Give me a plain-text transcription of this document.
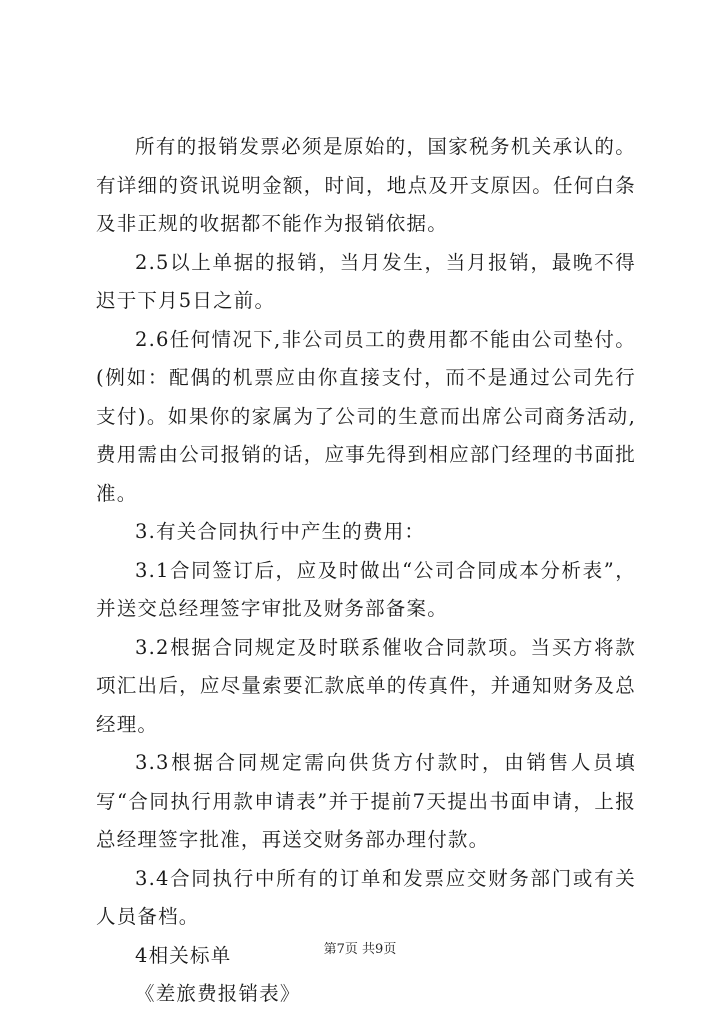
所有的报销发票必须是原始的，国家税务机关承认的。有详细的资讯说明金额，时间，地点及开支原因。任何白条及非正规的收据都不能作为报销依据。

2.5以上单据的报销，当月发生，当月报销，最晚不得迟于下月5日之前。

2.6任何情况下,非公司员工的费用都不能由公司垫付。(例如：配偶的机票应由你直接支付，而不是通过公司先行支付)。如果你的家属为了公司的生意而出席公司商务活动,费用需由公司报销的话，应事先得到相应部门经理的书面批准。

3.有关合同执行中产生的费用：

3.1合同签订后，应及时做出“公司合同成本分析表”，并送交总经理签字审批及财务部备案。

3.2根据合同规定及时联系催收合同款项。当买方将款项汇出后，应尽量索要汇款底单的传真件，并通知财务及总经理。

3.3根据合同规定需向供货方付款时，由销售人员填写“合同执行用款申请表”并于提前7天提出书面申请，上报总经理签字批准，再送交财务部办理付款。

3.4合同执行中所有的订单和发票应交财务部门或有关人员备档。

4相关标单

《差旅费报销表》

第7页 共9页
